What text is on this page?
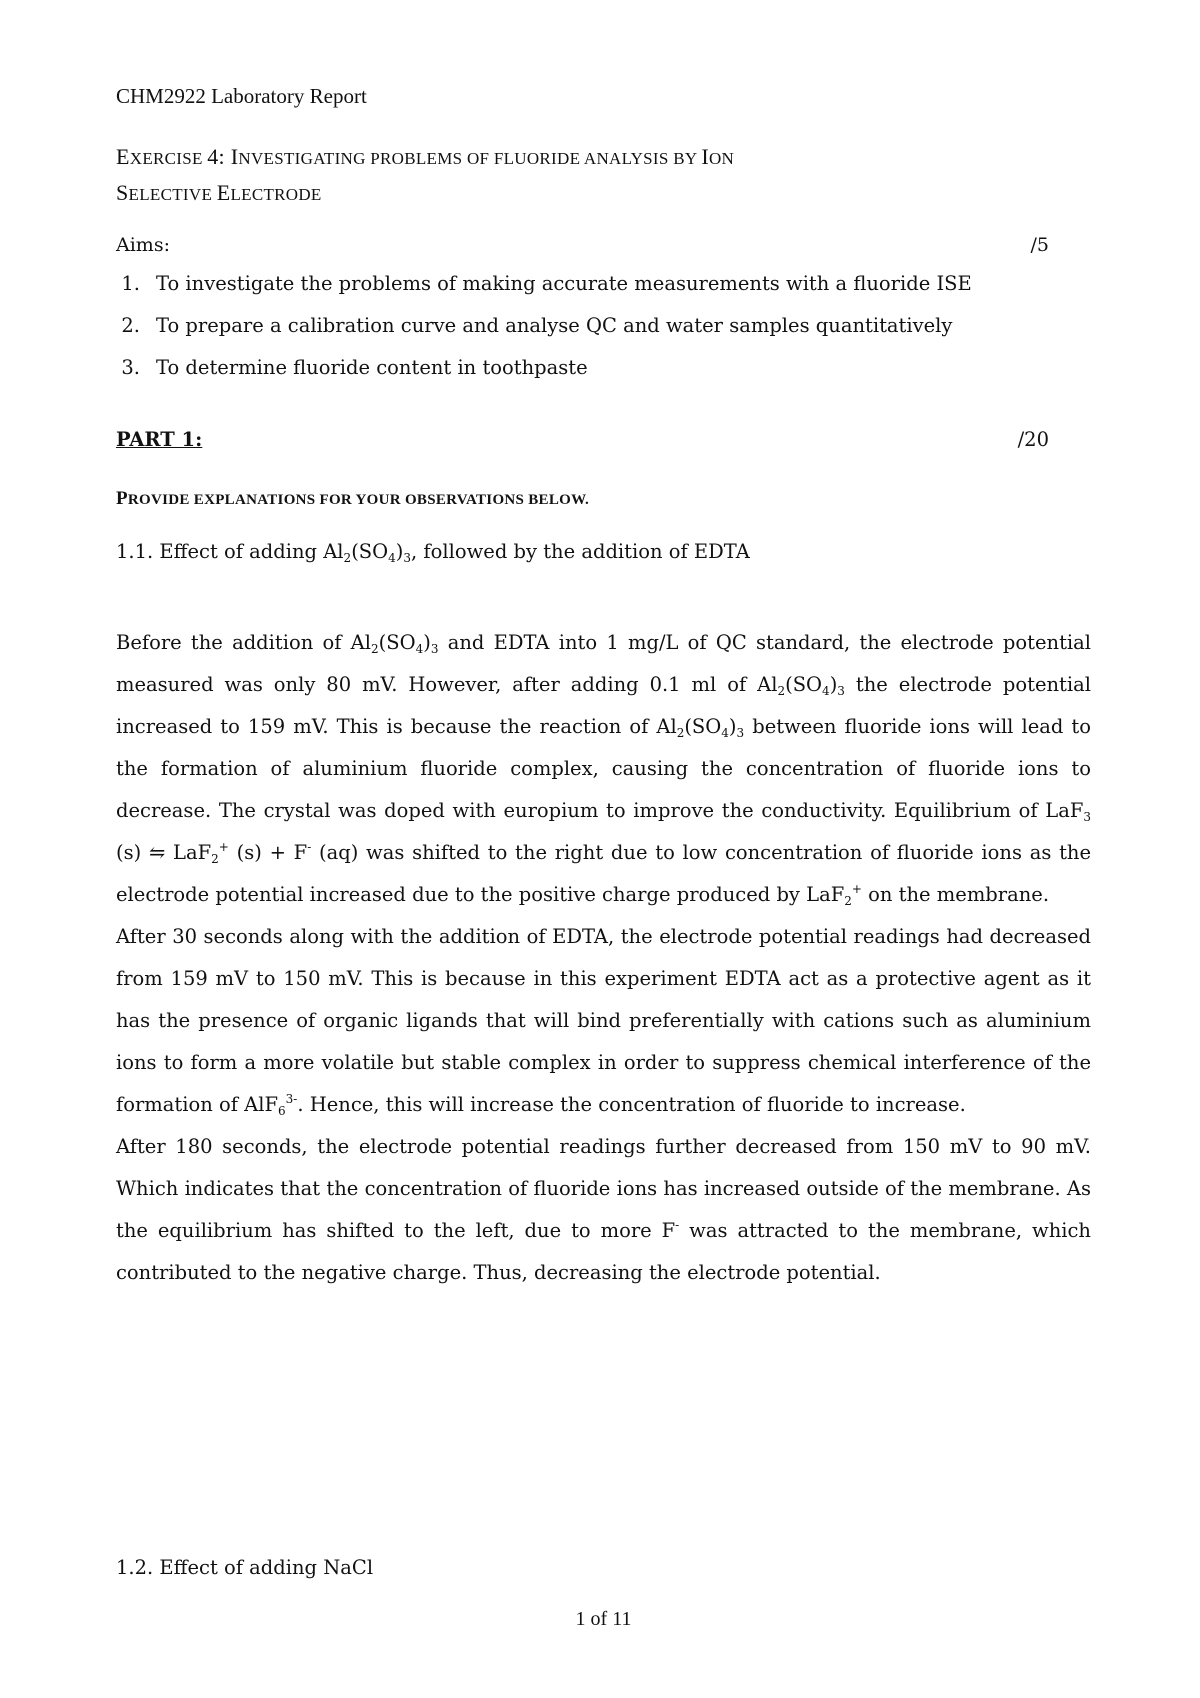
CHM2922 Laboratory Report
EXERCISE 4: INVESTIGATING PROBLEMS OF FLUORIDE ANALYSIS BY ION
SELECTIVE ELECTRODE
Aims:	/5
1. To investigate the problems of making accurate measurements with a fluoride ISE
2. To prepare a calibration curve and analyse QC and water samples quantitatively
3. To determine fluoride content in toothpaste
PART 1:	/20
PROVIDE EXPLANATIONS FOR YOUR OBSERVATIONS BELOW.
1.1. Effect of adding $Al_2(SO_4)_3$, followed by the addition of EDTA

Before the addition of $Al_2(SO_4)_3$ and EDTA into 1 mg/L of QC standard, the electrode potential measured was only 80 mV. However, after adding 0.1 ml of $Al_2(SO_4)_3$ the electrode potential increased to 159 mV. This is because the reaction of $Al_2(SO_4)_3$ between fluoride ions will lead to the formation of aluminium fluoride complex, causing the concentration of fluoride ions to decrease. The crystal was doped with europium to improve the conductivity. Equilibrium of LaF$_3$ (s) ⇋ LaF$_2$+ (s) + F- (aq) was shifted to the right due to low concentration of fluoride ions as the electrode potential increased due to the positive charge produced by LaF$_2$+ on the membrane.

After 30 seconds along with the addition of EDTA, the electrode potential readings had decreased from 159 mV to 150 mV. This is because in this experiment EDTA act as a protective agent as it has the presence of organic ligands that will bind preferentially with cations such as aluminium ions to form a more volatile but stable complex in order to suppress chemical interference of the formation of AlF$_6^{3-}$. Hence, this will increase the concentration of fluoride to increase.

After 180 seconds, the electrode potential readings further decreased from 150 mV to 90 mV. Which indicates that the concentration of fluoride ions has increased outside of the membrane. As the equilibrium has shifted to the left, due to more F- was attracted to the membrane, which contributed to the negative charge. Thus, decreasing the electrode potential.

1.2. Effect of adding NaCl
1 of 11
